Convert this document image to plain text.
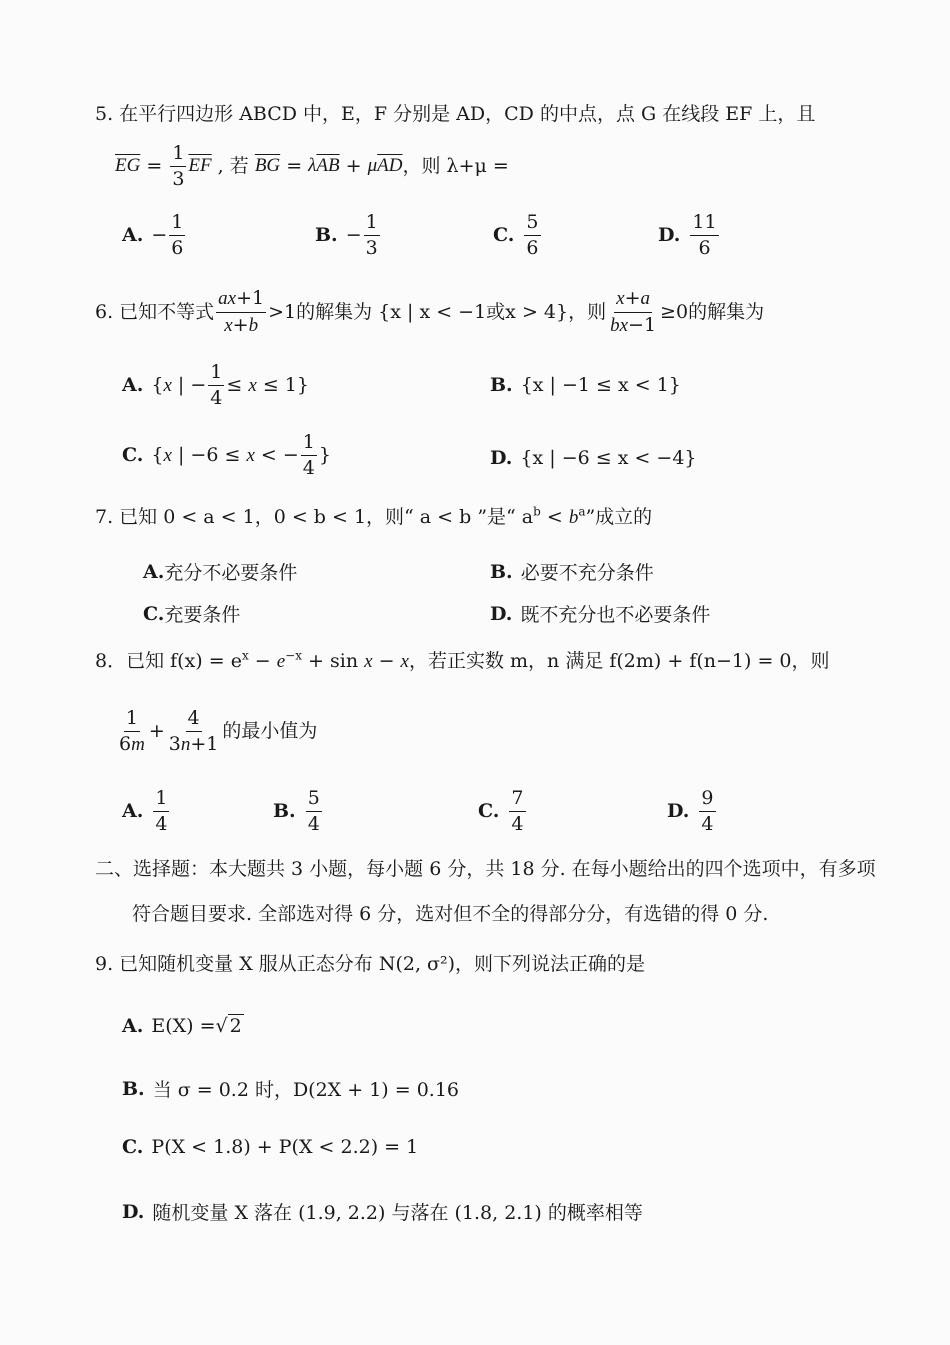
5. 在平行四边形 ABCD 中，E，F 分别是 AD，CD 的中点，点 G 在线段 EF 上，且
$\overline{EG} = \frac{1}{3} \overline{EF}$ , 若
$\overline{BG} = \lambda$ $\overline{AB} + \mu$ $\overline{AD}$ ，则 λ+μ =
A. − $\frac{1}{6}$	B. − $\frac{1}{3}$	C. $\frac{5}{6}$	D. $\frac{11}{6}$
6. 已知不等式 $\frac{ax+1}{x+b} >1$ 的解集为 {x | x < −1或x > 4}，则 $\frac{x+a}{bx-1} \ge 0$ 的解集为
A. {x | − $\frac{1}{4} \le x \le 1$}	B. {x | −1 ≤ x < 1}
C. {x | −6 ≤ x < − $\frac{1}{4}$ }	D. {x | −6 ≤ x < −4}
7. 已知 0 < a < 1，0 < b < 1，则“ a < b ”是“ $a^b < b^a$”成立的
A. 充分不必要条件	B. 必要不充分条件
C. 充要条件	D. 既不充分也不必要条件
8．已知 $f(x) = e^x - e^{-x} + \sin x - x$，若正实数 m，n 满足 f(2m) + f(n−1) = 0，则
$\frac{1}{6m} + \frac{4}{3n+1}$ 的最小值为
A. $\frac{1}{4}$	B. $\frac{5}{4}$	C. $\frac{7}{4}$	D. $\frac{9}{4}$
二、选择题：本大题共 3 小题，每小题 6 分，共 18 分. 在每小题给出的四个选项中，有多项
符合题目要求. 全部选对得 6 分，选对但不全的得部分分，有选错的得 0 分.
9. 已知随机变量 X 服从正态分布 N(2, σ²)，则下列说法正确的是
A. E(X) = √ 2
B. 当 σ = 0.2 时，D(2X + 1) = 0.16
C. P(X < 1.8) + P(X < 2.2) = 1
D. 随机变量 X 落在 (1.9, 2.2) 与落在 (1.8, 2.1) 的概率相等
